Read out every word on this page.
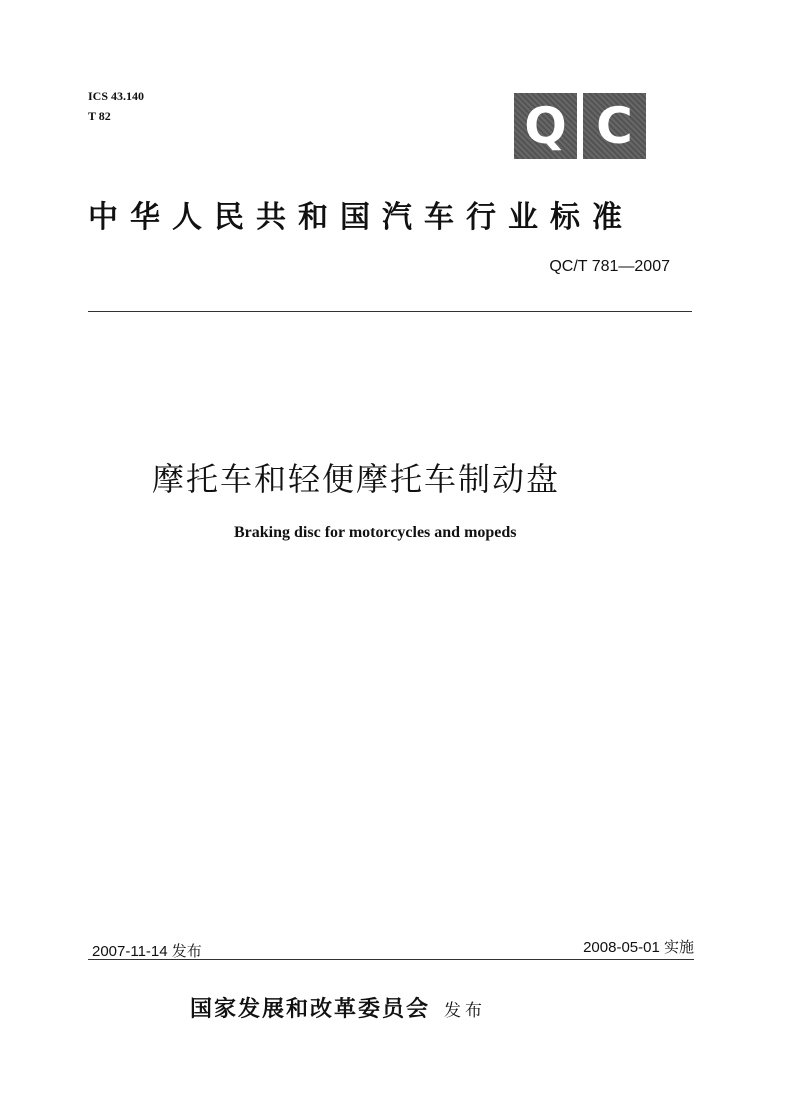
ICS 43.140
T 82	Q C
中华人民共和国汽车行业标准
QC/T 781—2007
摩托车和轻便摩托车制动盘
Braking disc for motorcycles and mopeds
2007-11-14 发布	2008-05-01 实施
国家发展和改革委员会 发布
